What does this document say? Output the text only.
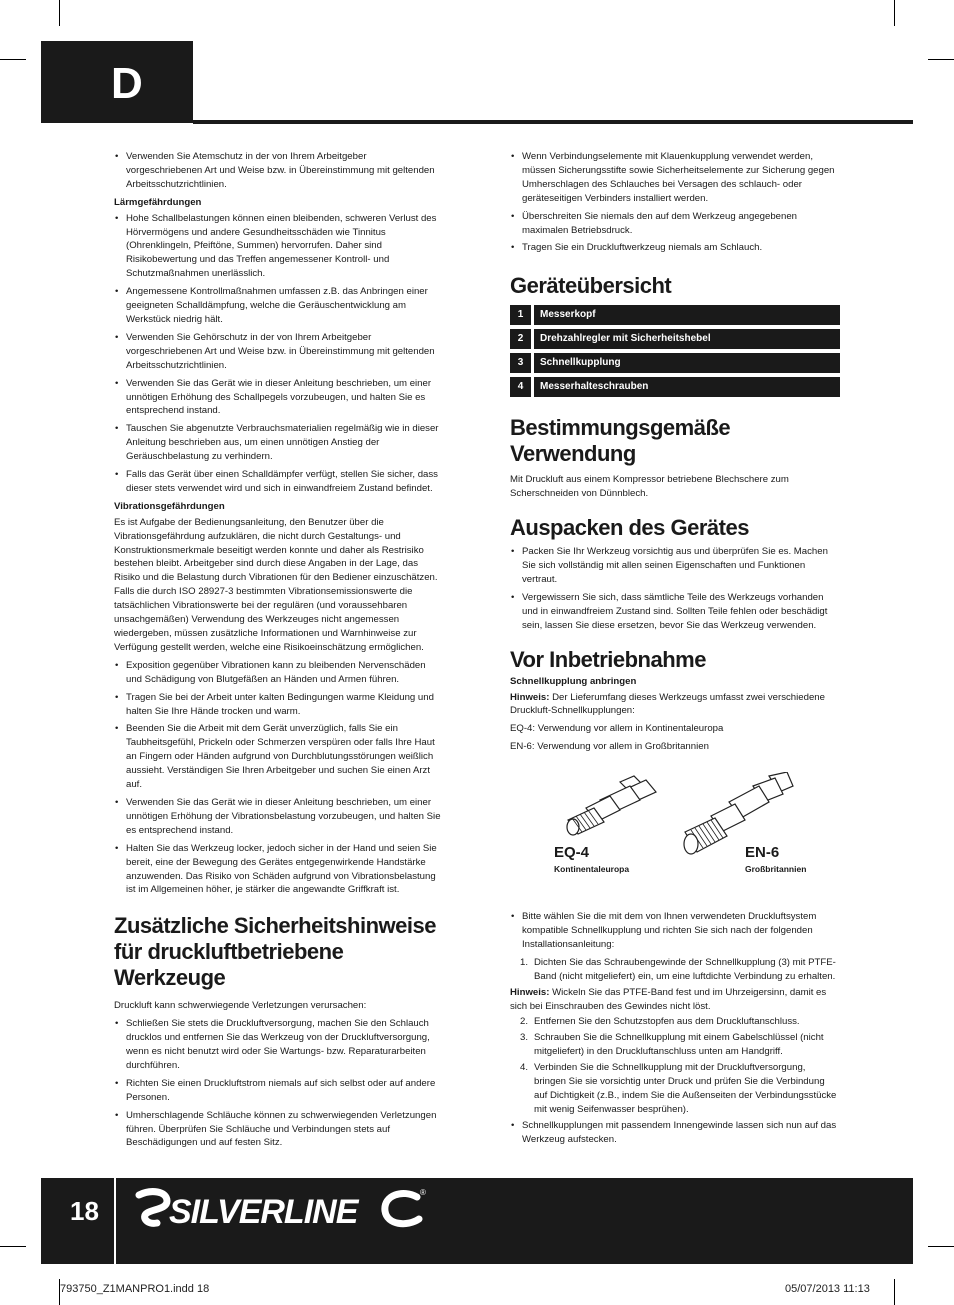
D
• Verwenden Sie Atemschutz in der von Ihrem Arbeitgeber vorgeschriebenen Art und Weise bzw. in Übereinstimmung mit geltenden Arbeitsschutzrichtlinien.
Lärmgefährdungen
• Hohe Schallbelastungen können einen bleibenden, schweren Verlust des Hörvermögens und andere Gesundheitsschäden wie Tinnitus (Ohrenklingeln, Pfeiftöne, Summen) hervorrufen. Daher sind Risikobewertung und das Treffen angemessener Kontroll- und Schutzmaßnahmen unerlässlich.
• Angemessene Kontrollmaßnahmen umfassen z.B. das Anbringen einer geeigneten Schalldämpfung, welche die Geräuschentwicklung am Werkstück niedrig hält.
• Verwenden Sie Gehörschutz in der von Ihrem Arbeitgeber vorgeschriebenen Art und Weise bzw. in Übereinstimmung mit geltenden Arbeitsschutzrichtlinien.
• Verwenden Sie das Gerät wie in dieser Anleitung beschrieben, um einer unnötigen Erhöhung des Schallpegels vorzubeugen, und halten Sie es entsprechend instand.
• Tauschen Sie abgenutzte Verbrauchsmaterialien regelmäßig wie in dieser Anleitung beschrieben aus, um einen unnötigen Anstieg der Geräuschbelastung zu verhindern.
• Falls das Gerät über einen Schalldämpfer verfügt, stellen Sie sicher, dass dieser stets verwendet wird und sich in einwandfreiem Zustand befindet.
Vibrationsgefährdungen
Es ist Aufgabe der Bedienungsanleitung, den Benutzer über die Vibrationsgefährdung aufzuklären, die nicht durch Gestaltungs- und Konstruktionsmerkmale beseitigt werden konnte und daher als Restrisiko bestehen bleibt. Arbeitgeber sind durch diese Angaben in der Lage, das Risiko und die Belastung durch Vibrationen für den Bediener einzuschätzen. Falls die durch ISO 28927-3 bestimmten Vibrationsemissionswerte die tatsächlichen Vibrationswerte bei der regulären (und voraussehbaren unsachgemäßen) Verwendung des Werkzeuges nicht angemessen wiedergeben, müssen zusätzliche Informationen und Warnhinweise zur Verfügung gestellt werden, welche eine Risikoeinschätzung ermöglichen.
• Exposition gegenüber Vibrationen kann zu bleibenden Nervenschäden und Schädigung von Blutgefäßen an Händen und Armen führen.
• Tragen Sie bei der Arbeit unter kalten Bedingungen warme Kleidung und halten Sie Ihre Hände trocken und warm.
• Beenden Sie die Arbeit mit dem Gerät unverzüglich, falls Sie ein Taubheitsgefühl, Prickeln oder Schmerzen verspüren oder falls Ihre Haut an Fingern oder Händen aufgrund von Durchblutungsstörungen weißlich aussieht. Verständigen Sie Ihren Arbeitgeber und suchen Sie einen Arzt auf.
• Verwenden Sie das Gerät wie in dieser Anleitung beschrieben, um einer unnötigen Erhöhung der Vibrationsbelastung vorzubeugen, und halten Sie es entsprechend instand.
• Halten Sie das Werkzeug locker, jedoch sicher in der Hand und seien Sie bereit, eine der Bewegung des Gerätes entgegenwirkende Handstärke anzuwenden. Das Risiko von Schäden aufgrund von Vibrationsbelastung ist im Allgemeinen höher, je stärker die angewandte Griffkraft ist.
Zusätzliche Sicherheitshinweise für druckluftbetriebene Werkzeuge
Druckluft kann schwerwiegende Verletzungen verursachen:
• Schließen Sie stets die Druckluftversorgung, machen Sie den Schlauch drucklos und entfernen Sie das Werkzeug von der Druckluftversorgung, wenn es nicht benutzt wird oder Sie Wartungs- bzw. Reparaturarbeiten durchführen.
• Richten Sie einen Druckluftstrom niemals auf sich selbst oder auf andere Personen.
• Umherschlagende Schläuche können zu schwerwiegenden Verletzungen führen. Überprüfen Sie Schläuche und Verbindungen stets auf Beschädigungen und auf festen Sitz.
• Wenn Verbindungselemente mit Klauenkupplung verwendet werden, müssen Sicherungsstifte sowie Sicherheitselemente zur Sicherung gegen Umherschlagen des Schlauches bei Versagen des schlauch- oder geräteseitigen Verbinders installiert werden.
• Überschreiten Sie niemals den auf dem Werkzeug angegebenen maximalen Betriebsdruck.
• Tragen Sie ein Druckluftwerkzeug niemals am Schlauch.
Geräteübersicht
1	Messerkopf
2	Drehzahlregler mit Sicherheitshebel
3	Schnellkupplung
4	Messerhalteschrauben
Bestimmungsgemäße Verwendung
Mit Druckluft aus einem Kompressor betriebene Blechschere zum Scherschneiden von Dünnblech.
Auspacken des Gerätes
• Packen Sie Ihr Werkzeug vorsichtig aus und überprüfen Sie es. Machen Sie sich vollständig mit allen seinen Eigenschaften und Funktionen vertraut.
• Vergewissern Sie sich, dass sämtliche Teile des Werkzeugs vorhanden und in einwandfreiem Zustand sind. Sollten Teile fehlen oder beschädigt sein, lassen Sie diese ersetzen, bevor Sie das Werkzeug verwenden.
Vor Inbetriebnahme
Schnellkupplung anbringen
Hinweis: Der Lieferumfang dieses Werkzeugs umfasst zwei verschiedene Druckluft-Schnellkupplungen:
EQ-4: Verwendung vor allem in Kontinentaleuropa
EN-6: Verwendung vor allem in Großbritannien
EQ-4
Kontinentaleuropa
EN-6
Großbritannien
• Bitte wählen Sie die mit dem von Ihnen verwendeten Druckluftsystem kompatible Schnellkupplung und richten Sie sich nach der folgenden Installationsanleitung:
1. Dichten Sie das Schraubengewinde der Schnellkupplung (3) mit PTFE-Band (nicht mitgeliefert) ein, um eine luftdichte Verbindung zu erhalten.
Hinweis: Wickeln Sie das PTFE-Band fest und im Uhrzeigersinn, damit es sich bei Einschrauben des Gewindes nicht löst.
2. Entfernen Sie den Schutzstopfen aus dem Druckluftanschluss.
3. Schrauben Sie die Schnellkupplung mit einem Gabelschlüssel (nicht mitgeliefert) in den Druckluftanschluss unten am Handgriff.
4. Verbinden Sie die Schnellkupplung mit der Druckluftversorgung, bringen Sie sie vorsichtig unter Druck und prüfen Sie die Verbindung auf Dichtigkeit (z.B., indem Sie die Außenseiten der Verbindungsstücke mit wenig Seifenwasser besprühen).
• Schnellkupplungen mit passendem Innengewinde lassen sich nun auf das Werkzeug aufstecken.
18 SILVERLINE
®
793750_Z1MANPRO1.indd 18	05/07/2013 11:13
